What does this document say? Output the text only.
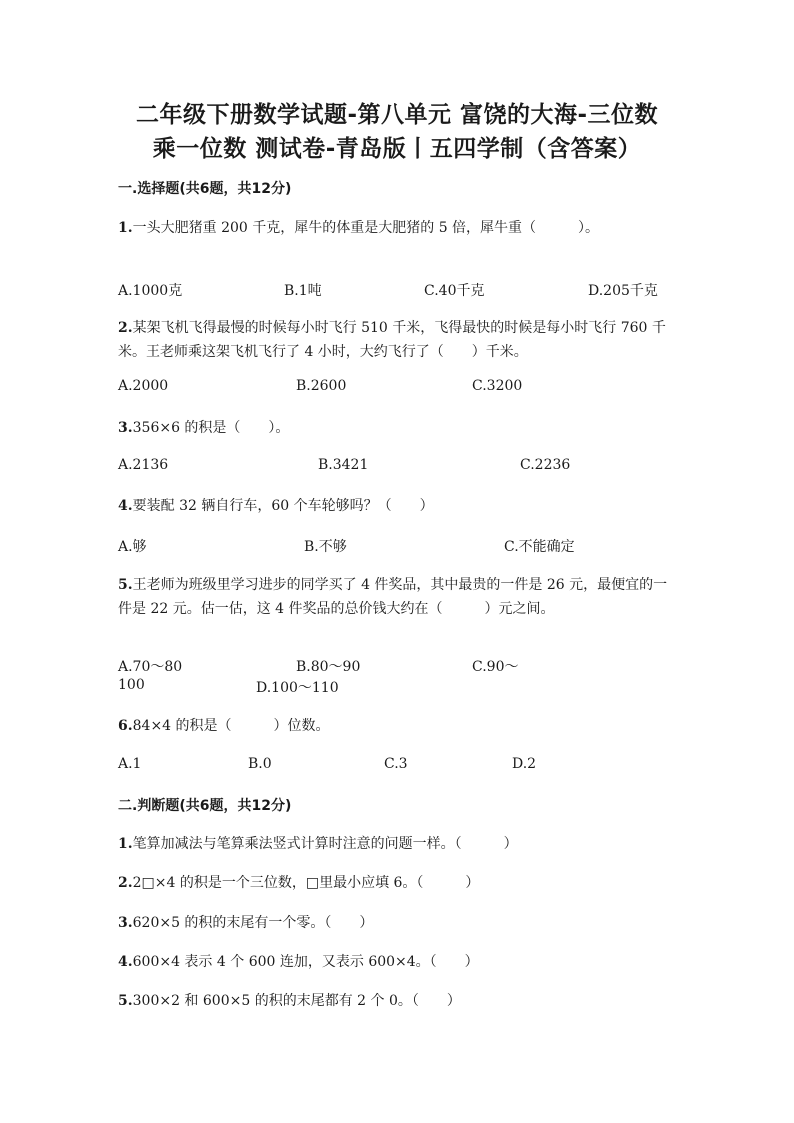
二年级下册数学试题-第八单元 富饶的大海-三位数
乘一位数 测试卷-青岛版丨五四学制（含答案）
一.选择题(共6题，共12分)
1.一头大肥猪重 200 千克，犀牛的体重是大肥猪的 5 倍，犀牛重（　　　）。
A.1000克	B.1吨	C.40千克	D.205千克
2.某架飞机飞得最慢的时候每小时飞行 510 千米，飞得最快的时候是每小时飞行 760 千米。王老师乘这架飞机飞行了 4 小时，大约飞行了（　　）千米。
A.2000	B.2600	C.3200
3.356×6 的积是（　　）。
A.2136	B.3421	C.2236
4.要装配 32 辆自行车，60 个车轮够吗？（　　）
A.够	B.不够	C.不能确定
5.王老师为班级里学习进步的同学买了 4 件奖品，其中最贵的一件是 26 元，最便宜的一件是 22 元。估一估，这 4 件奖品的总价钱大约在（　　　）元之间。
A.70～80	B.80～90	C.90～
100	D.100～110
6.84×4 的积是（　　　）位数。
A.1	B.0	C.3	D.2
二.判断题(共6题，共12分)
1.笔算加减法与笔算乘法竖式计算时注意的问题一样。（　　　）
2.2□×4 的积是一个三位数，□里最小应填 6。（　　　）
3.620×5 的积的末尾有一个零。（　　）
4.600×4 表示 4 个 600 连加，又表示 600×4。（　　）
5.300×2 和 600×5 的积的末尾都有 2 个 0。（　　）
